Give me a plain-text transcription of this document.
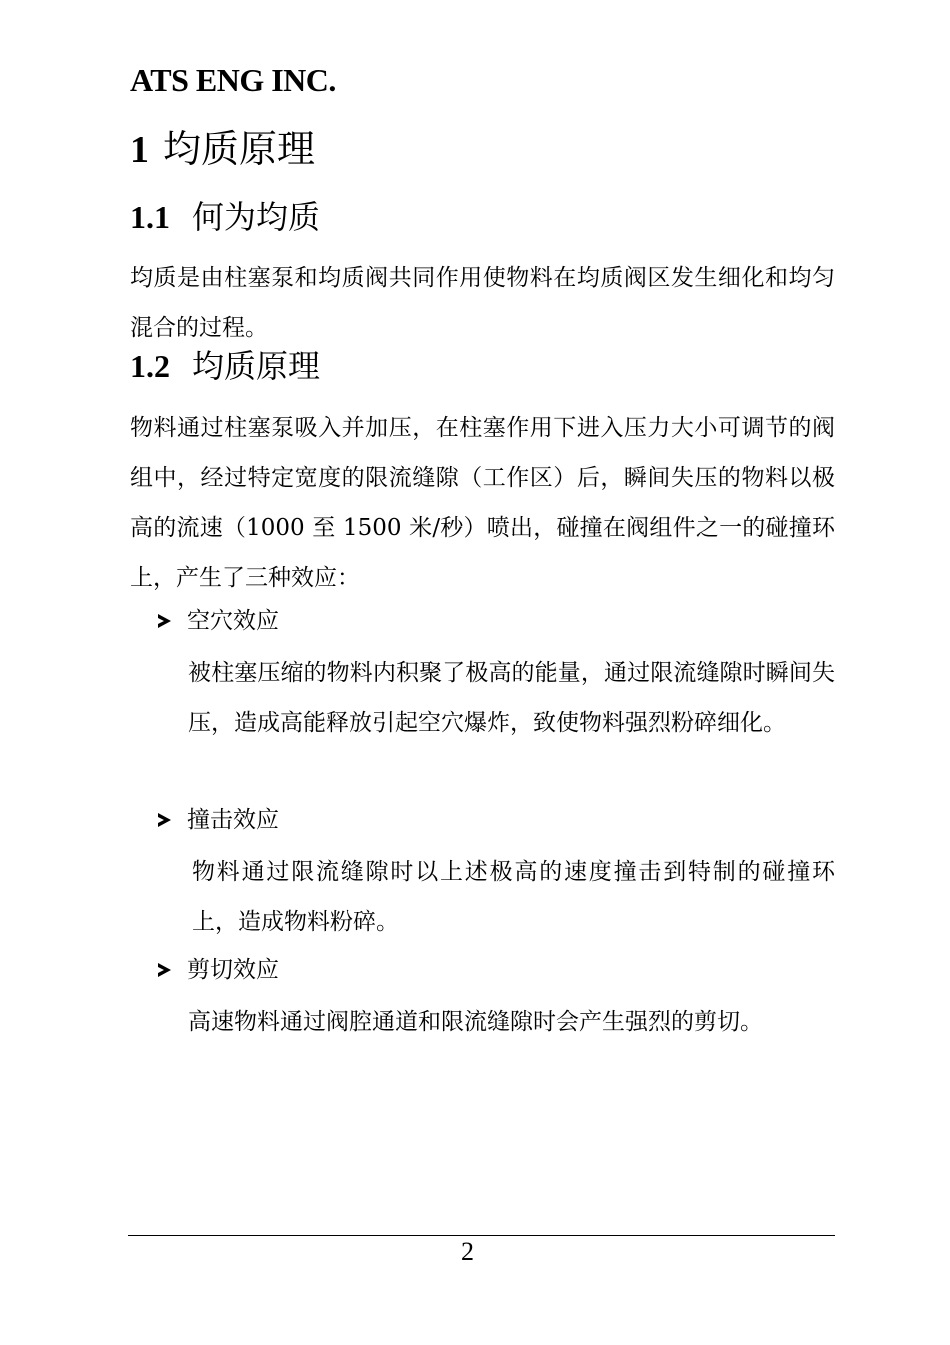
ATS ENG INC.
1 均质原理
1.1 何为均质
均质是由柱塞泵和均质阀共同作用使物料在均质阀区发生细化和均匀混合的过程。
1.2 均质原理
物料通过柱塞泵吸入并加压，在柱塞作用下进入压力大小可调节的阀组中，经过特定宽度的限流缝隙（工作区）后，瞬间失压的物料以极高的流速（1000 至 1500 米/秒）喷出，碰撞在阀组件之一的碰撞环上，产生了三种效应：
空穴效应
被柱塞压缩的物料内积聚了极高的能量，通过限流缝隙时瞬间失压，造成高能释放引起空穴爆炸，致使物料强烈粉碎细化。
撞击效应
物料通过限流缝隙时以上述极高的速度撞击到特制的碰撞环上，造成物料粉碎。
剪切效应
高速物料通过阀腔通道和限流缝隙时会产生强烈的剪切。
2
